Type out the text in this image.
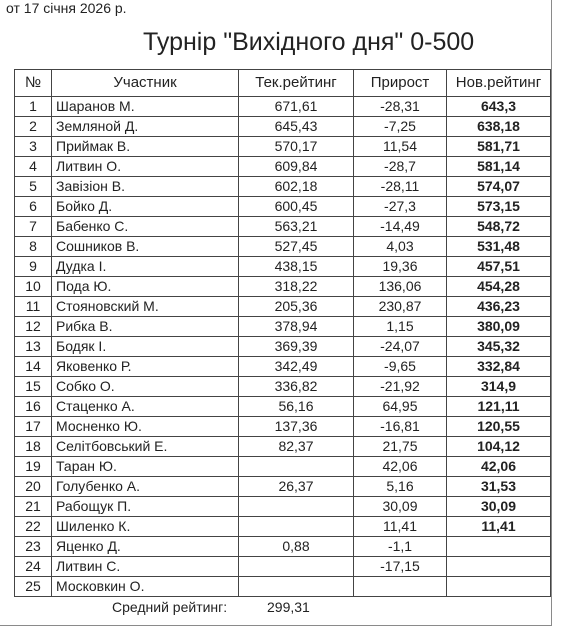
от 17 січня 2026 р.
Турнір "Вихідного дня" 0-500
№	Участник	Тек.рейтинг	Прирост	Нов.рейтинг
1	Шаранов М.	671,61	-28,31	643,3
2	Земляной Д.	645,43	-7,25	638,18
3	Приймак В.	570,17	11,54	581,71
4	Литвин О.	609,84	-28,7	581,14
5	Завізіон В.	602,18	-28,11	574,07
6	Бойко Д.	600,45	-27,3	573,15
7	Бабенко С.	563,21	-14,49	548,72
8	Сошников В.	527,45	4,03	531,48
9	Дудка І.	438,15	19,36	457,51
10	Пода Ю.	318,22	136,06	454,28
11	Стояновский М.	205,36	230,87	436,23
12	Рибка В.	378,94	1,15	380,09
13	Бодяк І.	369,39	-24,07	345,32
14	Яковенко Р.	342,49	-9,65	332,84
15	Собко О.	336,82	-21,92	314,9
16	Стаценко А.	56,16	64,95	121,11
17	Мосненко Ю.	137,36	-16,81	120,55
18	Селітбовський Е.	82,37	21,75	104,12
19	Таран Ю.		42,06	42,06
20	Голубенко А.	26,37	5,16	31,53
21	Рабощук П.		30,09	30,09
22	Шиленко К.		11,41	11,41
23	Яценко Д.	0,88	-1,1	
24	Литвин С.		-17,15	
25	Московкин О.			
Средний рейтинг:	299,31
